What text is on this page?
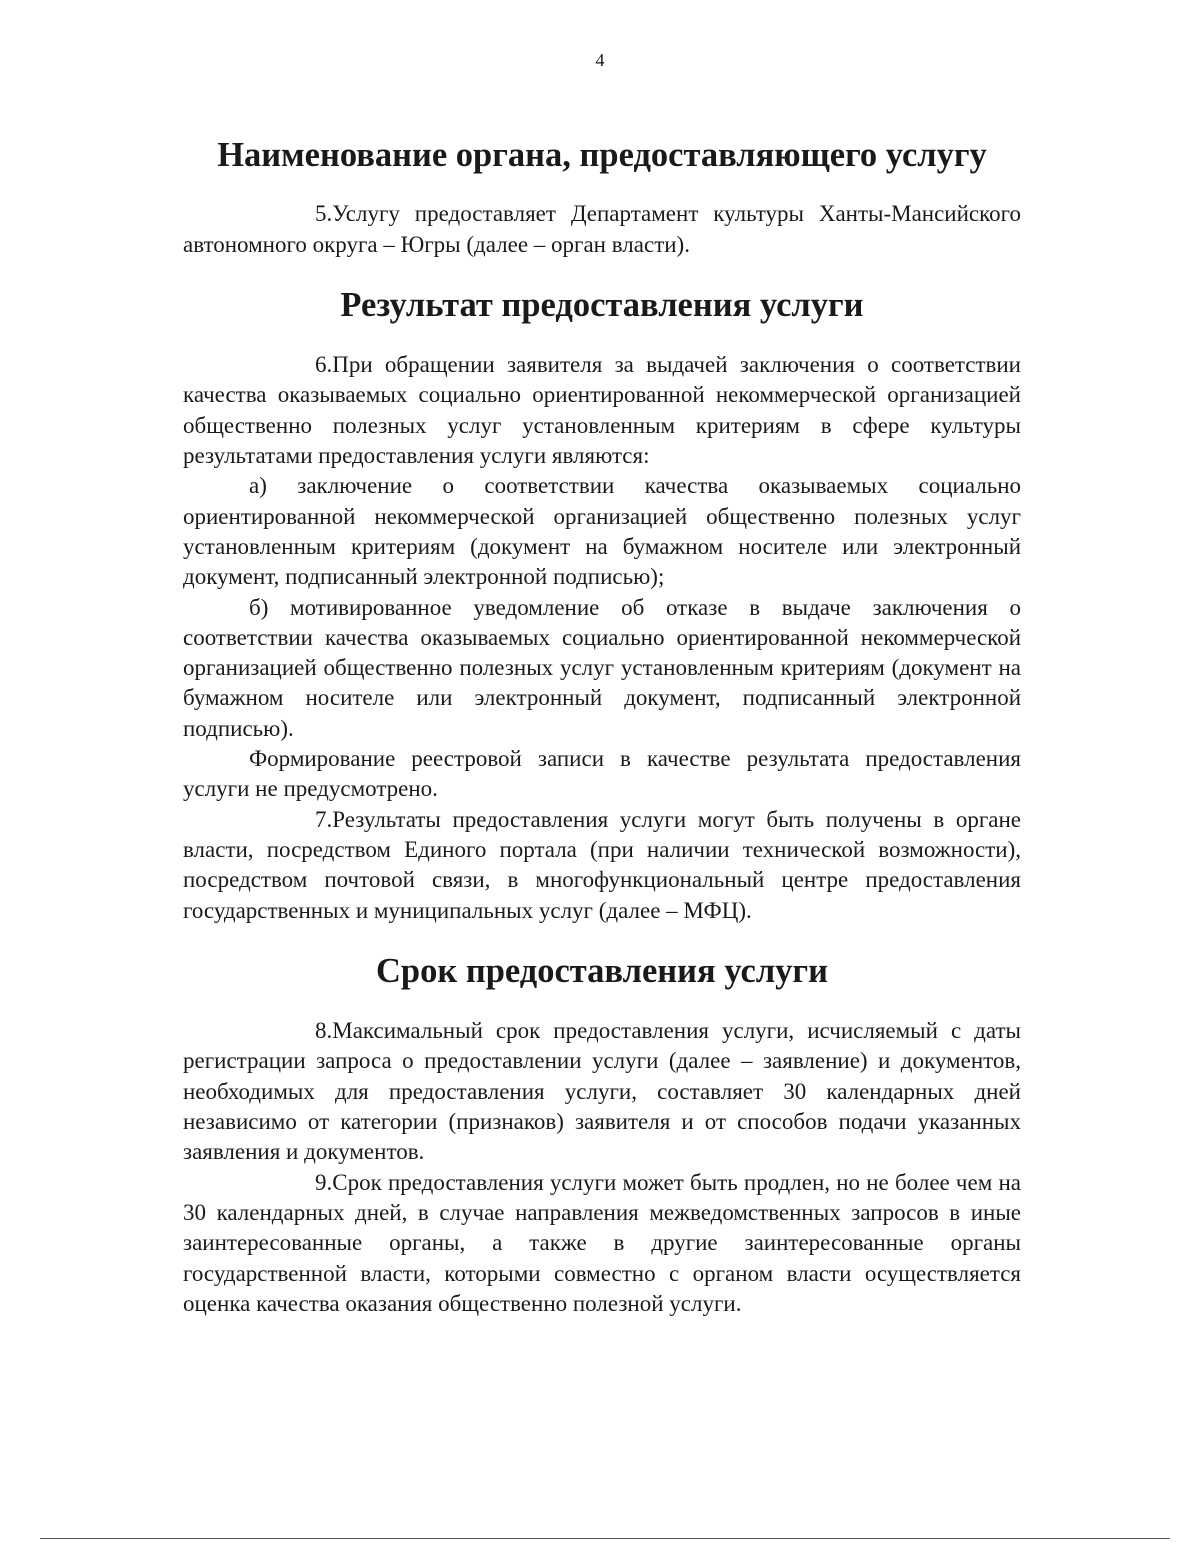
4
Наименование органа, предоставляющего услугу

5.Услугу предоставляет Департамент культуры Ханты-Мансийского автономного округа – Югры (далее – орган власти).

Результат предоставления услуги

6.При обращении заявителя за выдачей заключения о соответствии качества оказываемых социально ориентированной некоммерческой организацией общественно полезных услуг установленным критериям в сфере культуры результатами предоставления услуги являются:

а) заключение о соответствии качества оказываемых социально ориентированной некоммерческой организацией общественно полезных услуг установленным критериям (документ на бумажном носителе или электронный документ, подписанный электронной подписью);

б) мотивированное уведомление об отказе в выдаче заключения о соответствии качества оказываемых социально ориентированной некоммерческой организацией общественно полезных услуг установленным критериям (документ на бумажном носителе или электронный документ, подписанный электронной подписью).

Формирование реестровой записи в качестве результата предоставления услуги не предусмотрено.

7.Результаты предоставления услуги могут быть получены в органе власти, посредством Единого портала (при наличии технической возможности), посредством почтовой связи, в многофункциональный центре предоставления государственных и муниципальных услуг (далее – МФЦ).

Срок предоставления услуги

8.Максимальный срок предоставления услуги, исчисляемый с даты регистрации запроса о предоставлении услуги (далее – заявление) и документов, необходимых для предоставления услуги, составляет 30 календарных дней независимо от категории (признаков) заявителя и от способов подачи указанных заявления и документов.

9.Срок предоставления услуги может быть продлен, но не более чем на 30 календарных дней, в случае направления межведомственных запросов в иные заинтересованные органы, а также в другие заинтересованные органы государственной власти, которыми совместно с органом власти осуществляется оценка качества оказания общественно полезной услуги.
